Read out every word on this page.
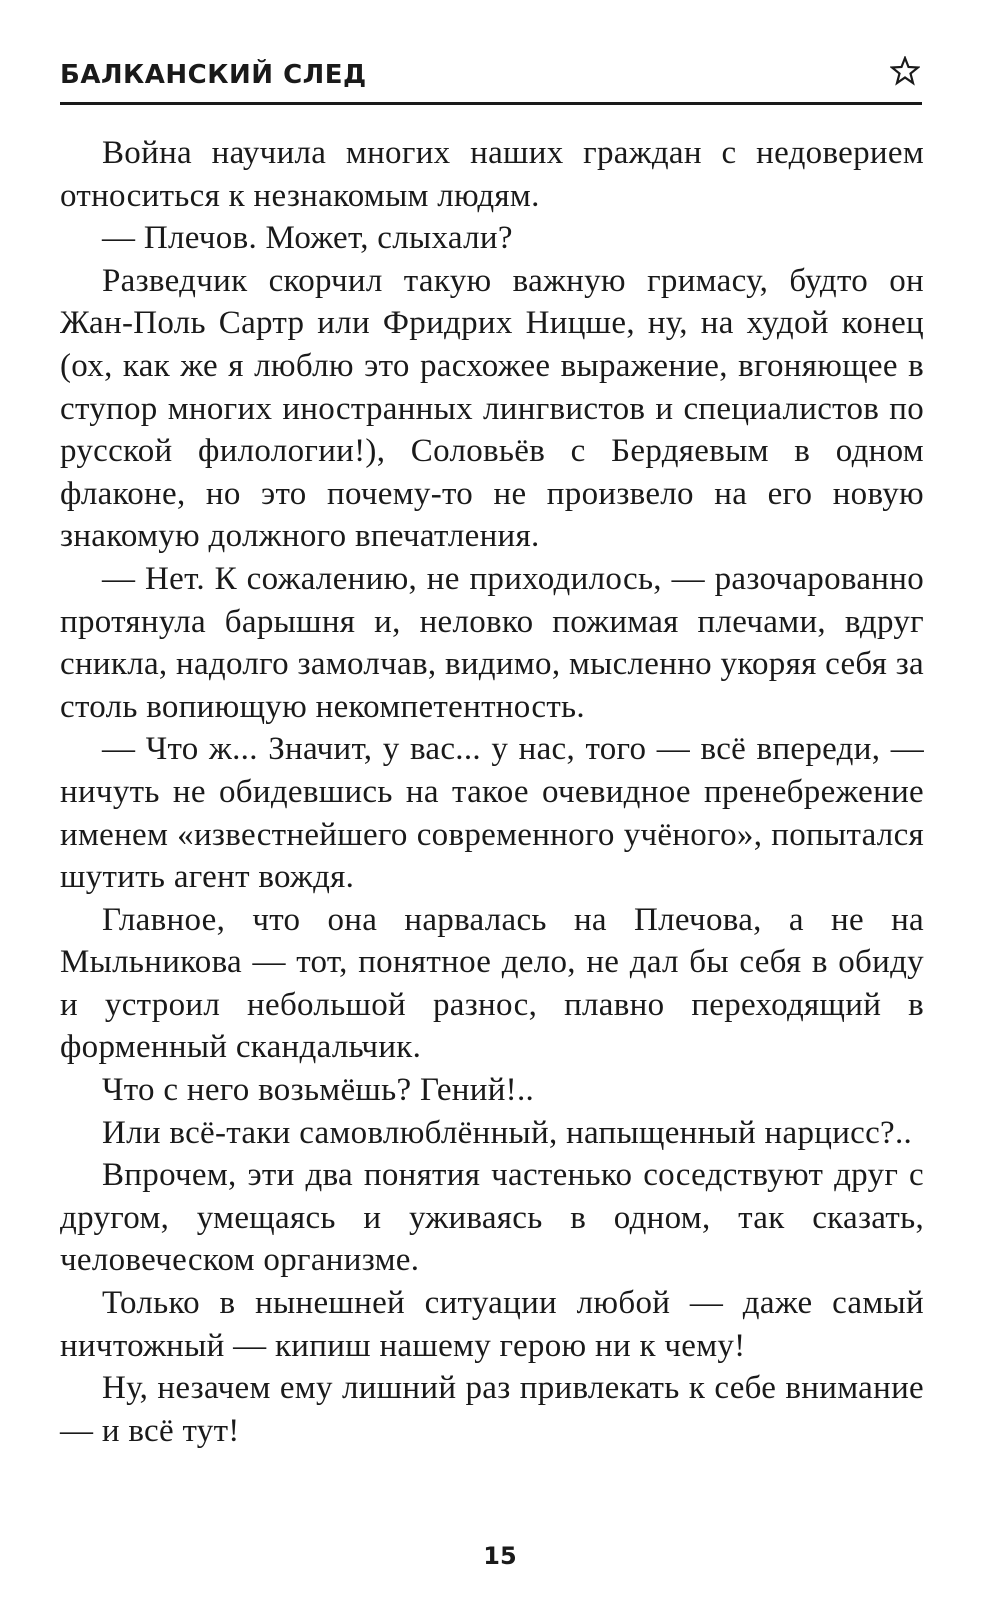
БАЛКАНСКИЙ СЛЕД

Война научила многих наших граждан с недоверием относиться к незнакомым людям.

— Плечов. Может, слыхали?

Разведчик скорчил такую важную гримасу, будто он Жан-Поль Сартр или Фридрих Ницше, ну, на худой конец (ох, как же я люблю это расхожее выражение, вгоняющее в ступор многих иностранных лингвистов и специалистов по русской филологии!), Соловьёв с Бердяевым в одном флаконе, но это почему-то не произвело на его новую знакомую должного впечатления.

— Нет. К сожалению, не приходилось, — разочарованно протянула барышня и, неловко пожимая плечами, вдруг сникла, надолго замолчав, видимо, мысленно укоряя себя за столь вопиющую некомпетентность.

— Что ж... Значит, у вас... у нас, того — всё впереди, — ничуть не обидевшись на такое очевидное пренебрежение именем «известнейшего современного учёного», попытался шутить агент вождя.

Главное, что она нарвалась на Плечова, а не на Мыльникова — тот, понятное дело, не дал бы себя в обиду и устроил небольшой разнос, плавно переходящий в форменный скандальчик.

Что с него возьмёшь? Гений!..

Или всё-таки самовлюблённый, напыщенный нарцисс?..

Впрочем, эти два понятия частенько соседствуют друг с другом, умещаясь и уживаясь в одном, так сказать, человеческом организме.

Только в нынешней ситуации любой — даже самый ничтожный — кипиш нашему герою ни к чему!

Ну, незачем ему лишний раз привлекать к себе внимание — и всё тут!

15
